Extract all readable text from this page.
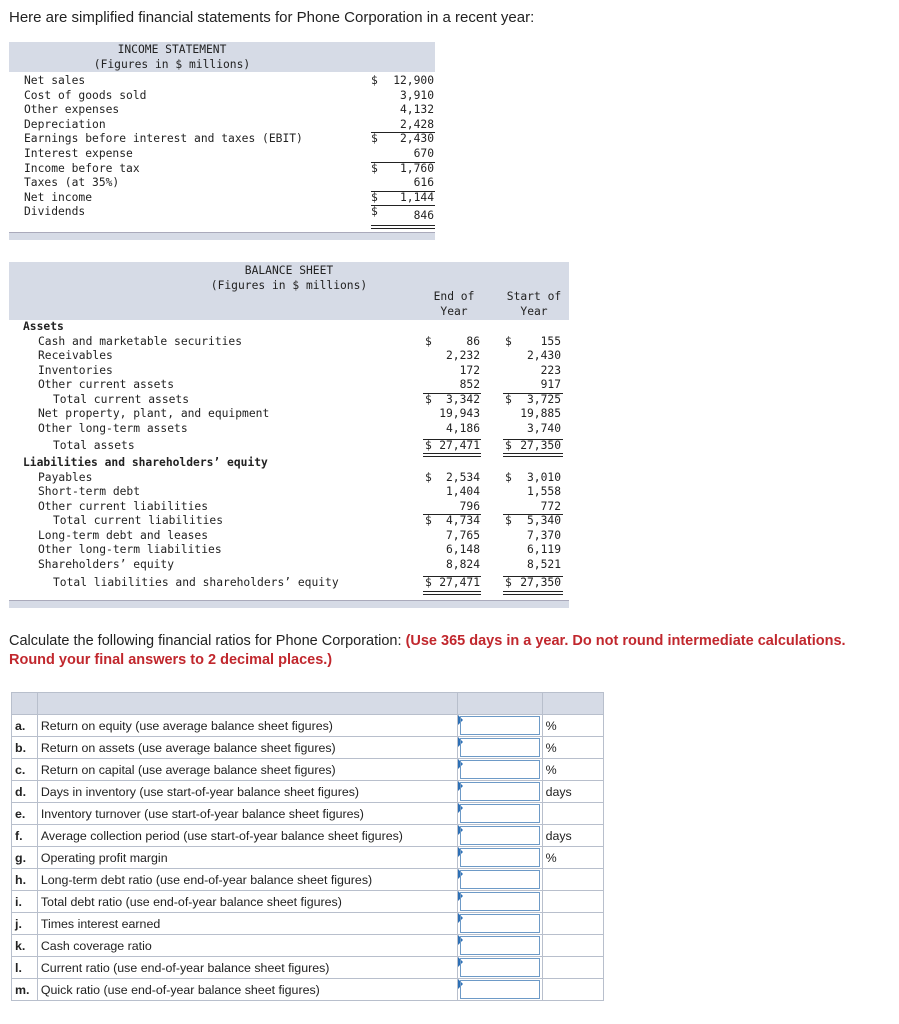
Here are simplified financial statements for Phone Corporation in a recent year:
INCOME STATEMENT
(Figures in $ millions)
Net sales	$	12,900
Cost of goods sold	3,910
Other expenses	4,132
Depreciation	2,428
Earnings before interest and taxes (EBIT)	$	2,430
Interest expense	670
Income before tax	$	1,760
Taxes (at 35%)	616
Net income	$	1,144
Dividends	$	846
BALANCE SHEET
(Figures in $ millions)
End of
Year
Start of
Year
Assets
Cash and marketable securities	86	155
$	$
Receivables	2,232	2,430
Inventories	172	223
Other current assets	852	917
Total current assets	3,342	3,725
$	$
Net property, plant, and equipment	19,943	19,885
Other long-term assets	4,186	3,740
Total assets	27,471	27,350
$	$
Liabilities and shareholders’ equity
Payables	2,534	3,010
$	$
Short-term debt	1,404	1,558
Other current liabilities	796	772
Total current liabilities	4,734	5,340
$	$
Long-term debt and leases	7,765	7,370
Other long-term liabilities	6,148	6,119
Shareholders’ equity	8,824	8,521
Total liabilities and shareholders’ equity	27,471	27,350
$	$
Calculate the following financial ratios for Phone Corporation: (Use 365 days in a year. Do not round intermediate calculations. Round your final answers to 2 decimal places.)

a.	Return on equity (use average balance sheet figures)		%
b.	Return on assets (use average balance sheet figures)		%
c.	Return on capital (use average balance sheet figures)		%
d.	Days in inventory (use start-of-year balance sheet figures)		days
e.	Inventory turnover (use start-of-year balance sheet figures)	

f.	Average collection period (use start-of-year balance sheet figures)		days
g.	Operating profit margin		%
h.	Long-term debt ratio (use end-of-year balance sheet figures)	

i.	Total debt ratio (use end-of-year balance sheet figures)	

j.	Times interest earned	

k.	Cash coverage ratio	

l.	Current ratio (use end-of-year balance sheet figures)	

m.	Quick ratio (use end-of-year balance sheet figures)	
